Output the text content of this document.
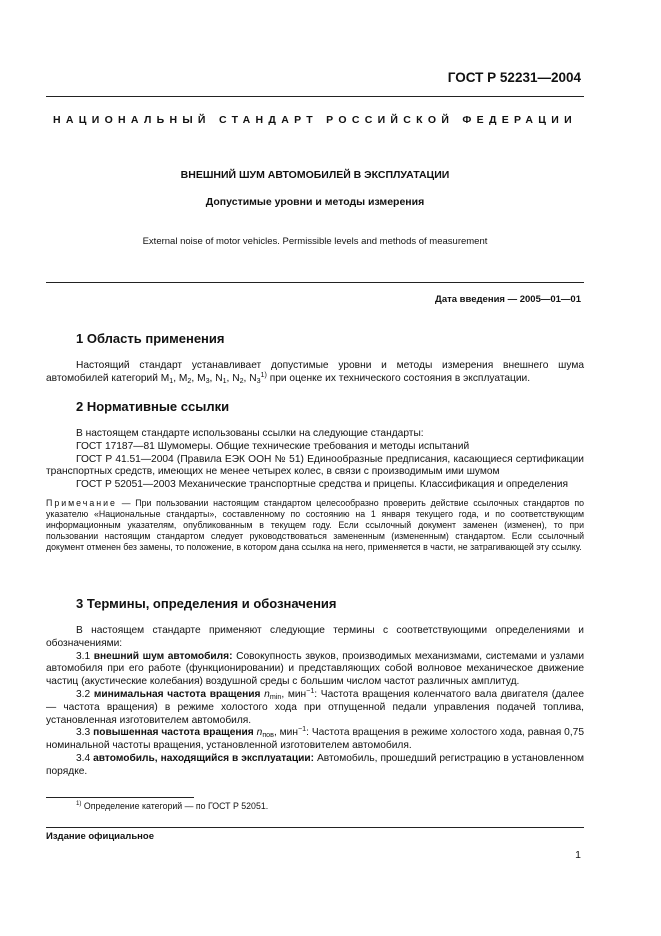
ГОСТ Р 52231—2004
НАЦИОНАЛЬНЫЙ СТАНДАРТ РОССИЙСКОЙ ФЕДЕРАЦИИ
ВНЕШНИЙ ШУМ АВТОМОБИЛЕЙ В ЭКСПЛУАТАЦИИ
Допустимые уровни и методы измерения
External noise of motor vehicles. Permissible levels and methods of measurement
Дата введения — 2005—01—01
1 Область применения

Настоящий стандарт устанавливает допустимые уровни и методы измерения внешнего шума автомобилей категорий $M_1$, $M_2$, $M_3$, $N_1$, $N_2$, $N_3^{1)}$ при оценке их технического состояния в эксплуатации.

2 Нормативные ссылки

В настоящем стандарте использованы ссылки на следующие стандарты:

ГОСТ 17187—81 Шумомеры. Общие технические требования и методы испытаний

ГОСТ Р 41.51—2004 (Правила ЕЭК ООН № 51) Единообразные предписания, касающиеся сертификации транспортных средств, имеющих не менее четырех колес, в связи с производимым ими шумом

ГОСТ Р 52051—2003 Механические транспортные средства и прицепы. Классификация и определения

Примечание — При пользовании настоящим стандартом целесообразно проверить действие ссылочных стандартов по указателю «Национальные стандарты», составленному по состоянию на 1 января текущего года, и по соответствующим информационным указателям, опубликованным в текущем году. Если ссылочный документ заменен (изменен), то при пользовании настоящим стандартом следует руководствоваться замененным (измененным) стандартом. Если ссылочный документ отменен без замены, то положение, в котором дана ссылка на него, применяется в части, не затрагивающей эту ссылку.

3 Термины, определения и обозначения

В настоящем стандарте применяют следующие термины с соответствующими определениями и обозначениями:

3.1 внешний шум автомобиля: Совокупность звуков, производимых механизмами, системами и узлами автомобиля при его работе (функционировании) и представляющих собой волновое механическое движение частиц (акустические колебания) воздушной среды с большим числом частот различных амплитуд.

3.2 минимальная частота вращения $n_{min}$, мин$^{-1}$: Частота вращения коленчатого вала двигателя (далее — частота вращения) в режиме холостого хода при отпущенной педали управления подачей топлива, установленная изготовителем автомобиля.

3.3 повышенная частота вращения $n_{пов}$, мин$^{-1}$: Частота вращения в режиме холостого хода, равная 0,75 номинальной частоты вращения, установленной изготовителем автомобиля.

3.4 автомобиль, находящийся в эксплуатации: Автомобиль, прошедший регистрацию в установленном порядке.

$^{1)}$ Определение категорий — по ГОСТ Р 52051.
Издание официальное
1
